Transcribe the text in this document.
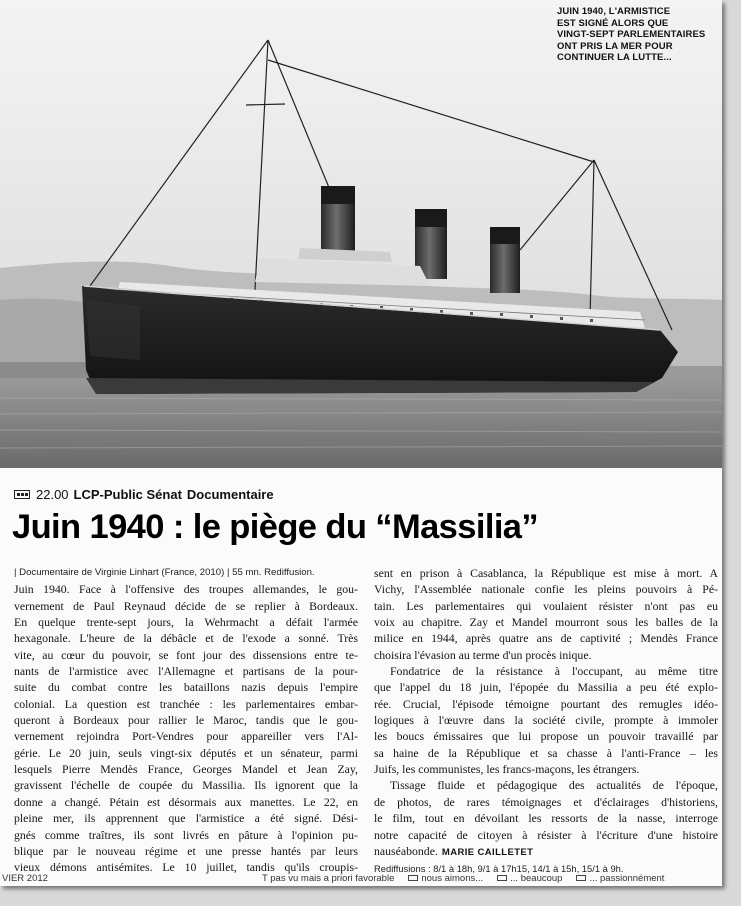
JUIN 1940, L'ARMISTICE

EST SIGNÉ ALORS QUE

VINGT-SEPT PARLEMENTAIRES

ONT PRIS LA MER POUR

CONTINUER LA LUTTE...

22.00 LCP-Public Sénat Documentaire
Juin 1940 : le piège du “Massilia”

| Documentaire de Virginie Linhart (France, 2010) | 55 mn. Rediffusion.

Juin 1940. Face à l'offensive des troupes allemandes, le gou-

vernement de Paul Reynaud décide de se replier à Bordeaux.

En quelque trente-sept jours, la Wehrmacht a défait l'armée

hexagonale. L'heure de la débâcle et de l'exode a sonné. Très

vite, au cœur du pouvoir, se font jour des dissensions entre te-

nants de l'armistice avec l'Allemagne et partisans de la pour-

suite du combat contre les bataillons nazis depuis l'empire

colonial. La question est tranchée : les parlementaires embar-

queront à Bordeaux pour rallier le Maroc, tandis que le gou-

vernement rejoindra Port-Vendres pour appareiller vers l'Al-

gérie. Le 20 juin, seuls vingt-six députés et un sénateur, parmi

lesquels Pierre Mendès France, Georges Mandel et Jean Zay,

gravissent l'échelle de coupée du Massilia. Ils ignorent que la

donne a changé. Pétain est désormais aux manettes. Le 22, en

pleine mer, ils apprennent que l'armistice a été signé. Dési-

gnés comme traîtres, ils sont livrés en pâture à l'opinion pu-

blique par le nouveau régime et une presse hantés par leurs

vieux démons antisémites. Le 10 juillet, tandis qu'ils croupis-

sent en prison à Casablanca, la République est mise à mort. A

Vichy, l'Assemblée nationale confie les pleins pouvoirs à Pé-

tain. Les parlementaires qui voulaient résister n'ont pas eu

voix au chapitre. Zay et Mandel mourront sous les balles de la

milice en 1944, après quatre ans de captivité ; Mendès France

choisira l'évasion au terme d'un procès inique.

Fondatrice de la résistance à l'occupant, au même titre

que l'appel du 18 juin, l'épopée du Massilia a peu été explo-

rée. Crucial, l'épisode témoigne pourtant des remugles idéo-

logiques à l'œuvre dans la société civile, prompte à immoler

les boucs émissaires que lui propose un pouvoir travaillé par

sa haine de la République et sa chasse à l'anti-France – les

Juifs, les communistes, les francs-maçons, les étrangers.

Tissage fluide et pédagogique des actualités de l'époque,

de photos, de rares témoignages et d'éclairages d'historiens,

le film, tout en dévoilant les ressorts de la nasse, interroge

notre capacité de citoyen à résister à l'écriture d'une histoire

nauséabonde. MARIE CAILLETET

Rediffusions : 8/1 à 18h, 9/1 à 17h15, 14/1 à 15h, 15/1 à 9h.

VIER 2012	T pas vu mais a priori favorable	nous aimons...	... beaucoup	... passionnément
